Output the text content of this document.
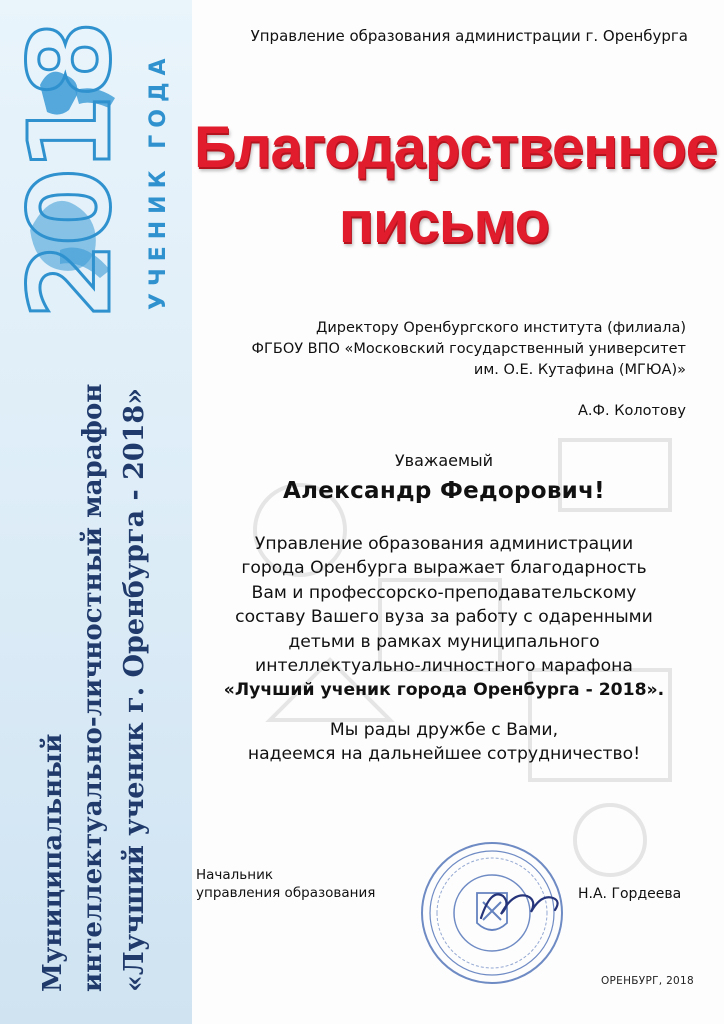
2018 УЧЕНИК ГОДА
Муниципальный интеллектуально-личностный марафон «Лучший ученик г. Оренбурга - 2018»
Управление образования администрации г. Оренбурга
Благодарственное
письмо
Директору Оренбургского института (филиала)
ФГБОУ ВПО «Московский государственный университет
им. О.Е. Кутафина (МГЮА)»
А.Ф. Колотову
Уважаемый
Александр Федорович!
Управление образования администрации
города Оренбурга выражает благодарность
Вам и профессорско-преподавательскому
составу Вашего вуза за работу с одаренными
детьми в рамках муниципального
интеллектуально-личностного марафона
«Лучший ученик города Оренбурга - 2018».
Мы рады дружбе с Вами,
надеемся на дальнейшее сотрудничество!
Начальник
управления образования	Н.А. Гордеева
ОРЕНБУРГ, 2018
